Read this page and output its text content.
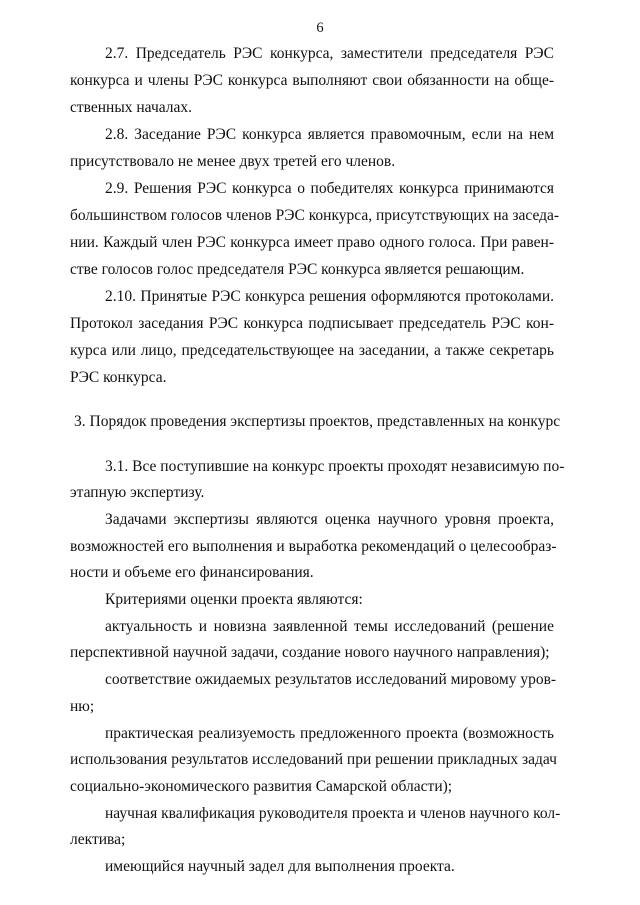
6
2.7. Председатель РЭС конкурса, заместители председателя РЭС
конкурса и члены РЭС конкурса выполняют свои обязанности на обще-
ственных началах.
2.8. Заседание РЭС конкурса является правомочным, если на нем
присутствовало не менее двух третей его членов.
2.9. Решения РЭС конкурса о победителях конкурса принимаются
большинством голосов членов РЭС конкурса, присутствующих на заседа-
нии. Каждый член РЭС конкурса имеет право одного голоса. При равен-
стве голосов голос председателя РЭС конкурса является решающим.
2.10. Принятые РЭС конкурса решения оформляются протоколами.
Протокол заседания РЭС конкурса подписывает председатель РЭС кон-
курса или лицо, председательствующее на заседании, а также секретарь
РЭС конкурса.
3. Порядок проведения экспертизы проектов, представленных на конкурс
3.1. Все поступившие на конкурс проекты проходят независимую по-
этапную экспертизу.
Задачами экспертизы являются оценка научного уровня проекта,
возможностей его выполнения и выработка рекомендаций о целесообраз-
ности и объеме его финансирования.
Критериями оценки проекта являются:
актуальность и новизна заявленной темы исследований (решение
перспективной научной задачи, создание нового научного направления);
соответствие ожидаемых результатов исследований мировому уров-
ню;
практическая реализуемость предложенного проекта (возможность
использования результатов исследований при решении прикладных задач
социально-экономического развития Самарской области);
научная квалификация руководителя проекта и членов научного кол-
лектива;
имеющийся научный задел для выполнения проекта.
